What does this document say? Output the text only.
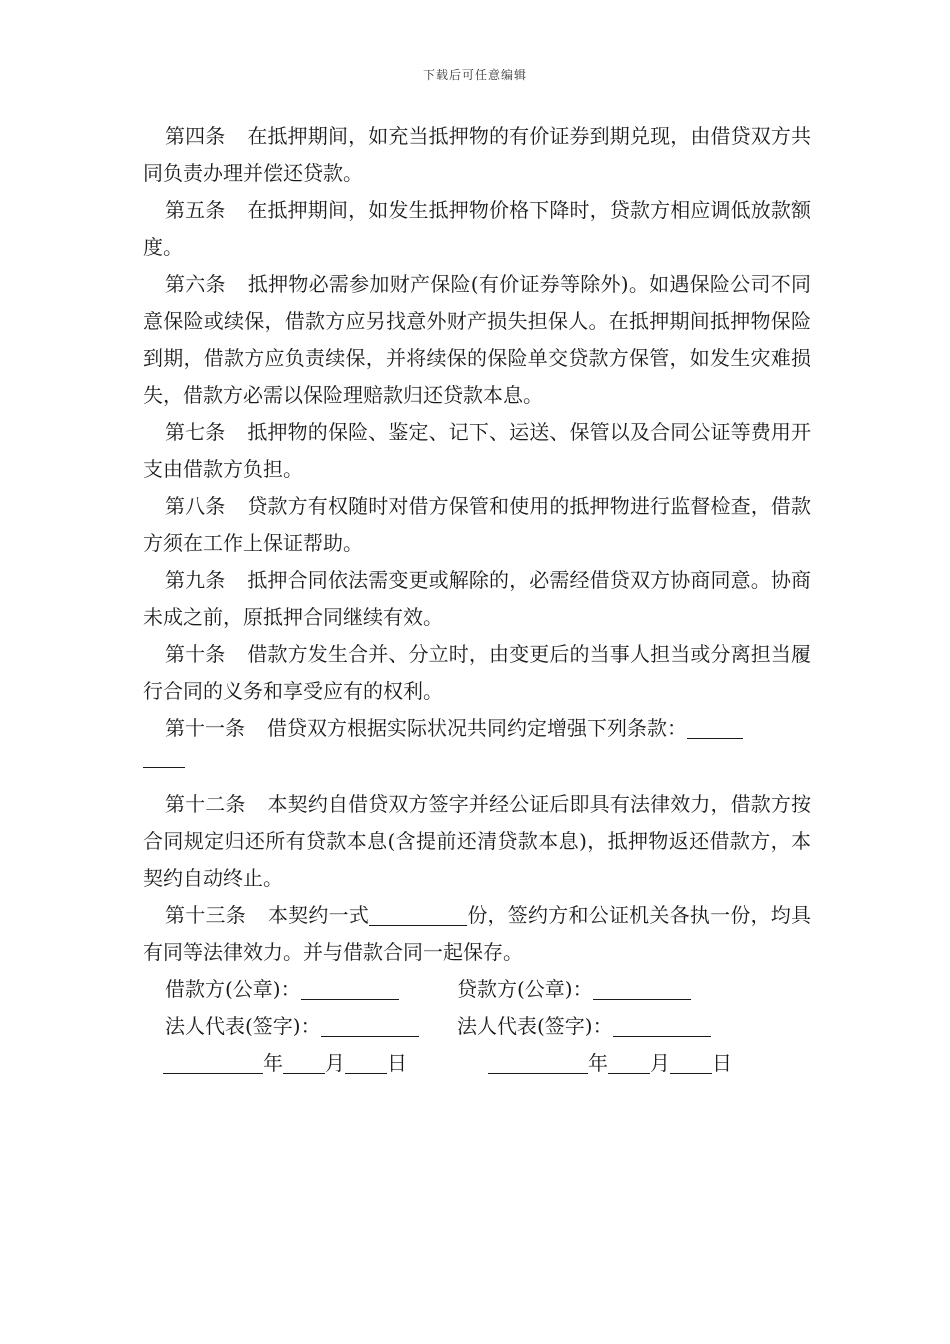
下载后可任意编辑

第四条 在抵押期间，如充当抵押物的有价证券到期兑现，由借贷双方共同负责办理并偿还贷款。

第五条 在抵押期间，如发生抵押物价格下降时，贷款方相应调低放款额度。

第六条 抵押物必需参加财产保险(有价证券等除外)。如遇保险公司不同意保险或续保，借款方应另找意外财产损失担保人。在抵押期间抵押物保险到期，借款方应负责续保，并将续保的保险单交贷款方保管，如发生灾难损失，借款方必需以保险理赔款归还贷款本息。

第七条 抵押物的保险、鉴定、记下、运送、保管以及合同公证等费用开支由借款方负担。

第八条 贷款方有权随时对借方保管和使用的抵押物进行监督检查，借款方须在工作上保证帮助。

第九条 抵押合同依法需变更或解除的，必需经借贷双方协商同意。协商未成之前，原抵押合同继续有效。

第十条 借款方发生合并、分立时，由变更后的当事人担当或分离担当履行合同的义务和享受应有的权利。

第十一条 借贷双方根据实际状况共同约定增强下列条款：

第十二条 本契约自借贷双方签字并经公证后即具有法律效力，借款方按合同规定归还所有贷款本息(含提前还清贷款本息)，抵押物返还借款方，本契约自动终止。

第十三条 本契约一式	份，签约方和公证机关各执一份，均具有同等法律效力。并与借款合同一起保存。

借款方(公章)：	贷款方(公章)：
法人代表(签字)：	法人代表(签字)：
年 月 日	年 月 日
